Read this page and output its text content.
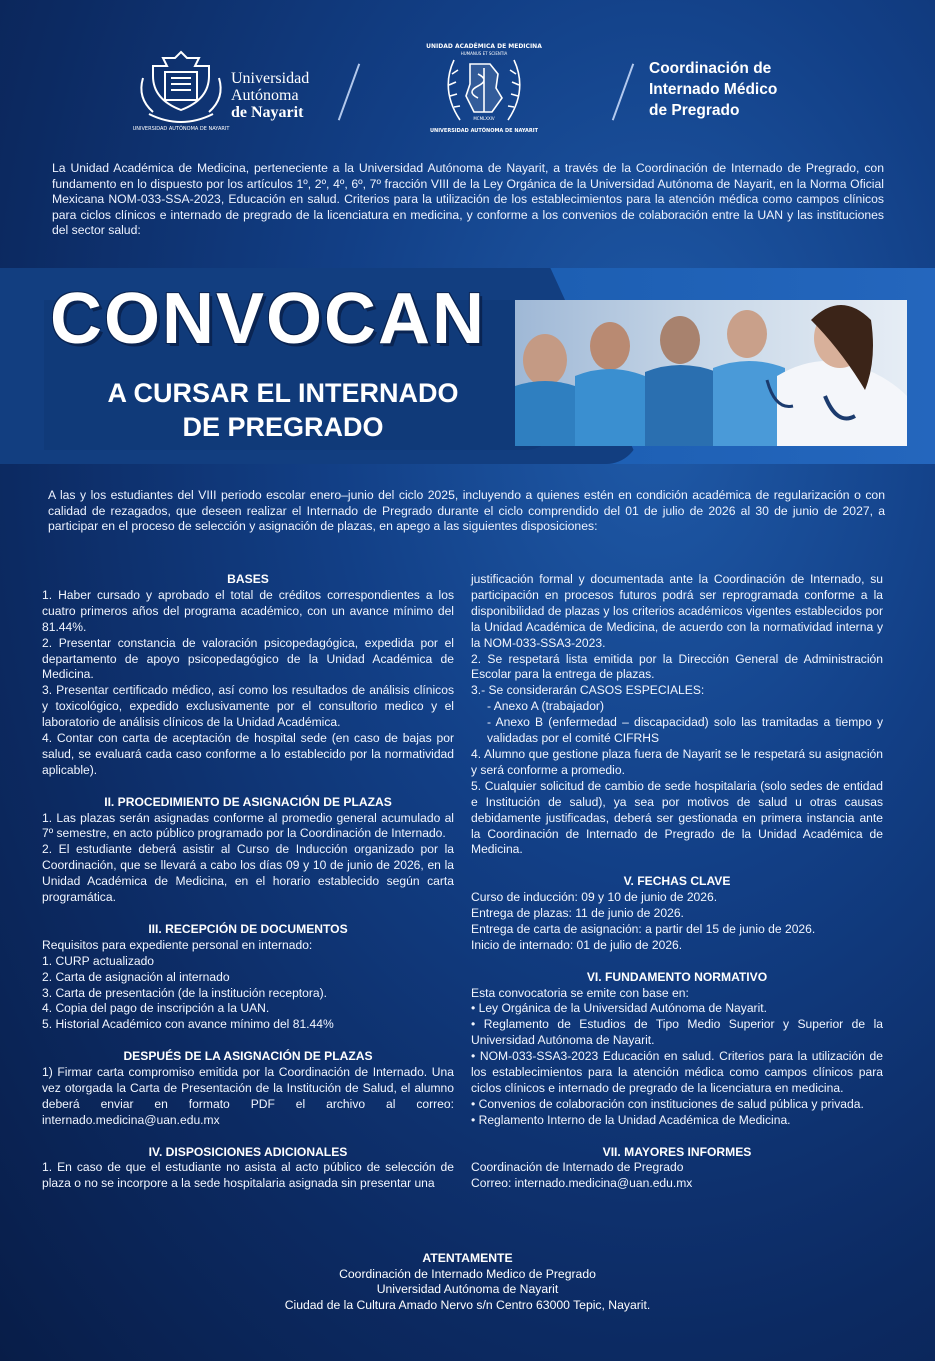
UNIVERSIDAD AUTÓNOMA DE NAYARIT
Universidad
Autónoma
de Nayarit
UNIDAD ACADÉMICA DE MEDICINA
HUMANUS ET SCIENTIA
MCMLXXIV
UNIVERSIDAD AUTÓNOMA DE NAYARIT
Coordinación de
Internado Médico
de Pregrado

La Unidad Académica de Medicina, perteneciente a la Universidad Autónoma de Nayarit, a través de la Coordinación de Internado de Pregrado, con fundamento en lo dispuesto por los artículos 1º, 2º, 4º, 6º, 7º fracción VIII de la Ley Orgánica de la Universidad Autónoma de Nayarit, en la Norma Oficial Mexicana NOM-033-SSA-2023, Educación en salud. Criterios para la utilización de los establecimientos para la atención médica como campos clínicos para ciclos clínicos e internado de pregrado de la licenciatura en medicina, y conforme a los convenios de colaboración entre la UAN y las instituciones del sector salud:

CONVOCAN
A CURSAR EL INTERNADO
DE PREGRADO

A las y los estudiantes del VIII periodo escolar enero–junio del ciclo 2025, incluyendo a quienes estén en condición académica de regularización o con calidad de rezagados, que deseen realizar el Internado de Pregrado durante el ciclo comprendido del 01 de julio de 2026 al 30 de junio de 2027, a participar en el proceso de selección y asignación de plazas, en apego a las siguientes disposiciones:

BASES

1. Haber cursado y aprobado el total de créditos correspondientes a los cuatro primeros años del programa académico, con un avance mínimo del 81.44%.

2. Presentar constancia de valoración psicopedagógica, expedida por el departamento de apoyo psicopedagógico de la Unidad Académica de Medicina.

3. Presentar certificado médico, así como los resultados de análisis clínicos y toxicológico, expedido exclusivamente por el consultorio medico y el laboratorio de análisis clínicos de la Unidad Académica.

4. Contar con carta de aceptación de hospital sede (en caso de bajas por salud, se evaluará cada caso conforme a lo establecido por la normatividad aplicable).

II. PROCEDIMIENTO DE ASIGNACIÓN DE PLAZAS

1. Las plazas serán asignadas conforme al promedio general acumulado al 7º semestre, en acto público programado por la Coordinación de Internado.

2. El estudiante deberá asistir al Curso de Inducción organizado por la Coordinación, que se llevará a cabo los días 09 y 10 de junio de 2026, en la Unidad Académica de Medicina, en el horario establecido según carta programática.

III. RECEPCIÓN DE DOCUMENTOS

Requisitos para expediente personal en internado:

1. CURP actualizado

2. Carta de asignación al internado

3. Carta de presentación (de la institución receptora).

4. Copia del pago de inscripción a la UAN.

5. Historial Académico con avance mínimo del 81.44%

DESPUÉS DE LA ASIGNACIÓN DE PLAZAS

1) Firmar carta compromiso emitida por la Coordinación de Internado. Una vez otorgada la Carta de Presentación de la Institución de Salud, el alumno deberá enviar en formato PDF el archivo al correo: internado.medicina@uan.edu.mx

IV. DISPOSICIONES ADICIONALES

1. En caso de que el estudiante no asista al acto público de selección de plaza o no se incorpore a la sede hospitalaria asignada sin presentar una

justificación formal y documentada ante la Coordinación de Internado, su participación en procesos futuros podrá ser reprogramada conforme a la disponibilidad de plazas y los criterios académicos vigentes establecidos por la Unidad Académica de Medicina, de acuerdo con la normatividad interna y la NOM-033-SSA3-2023.

2. Se respetará lista emitida por la Dirección General de Administración Escolar para la entrega de plazas.

3.- Se considerarán CASOS ESPECIALES:

- Anexo A (trabajador)

- Anexo B (enfermedad – discapacidad) solo las tramitadas a tiempo y validadas por el comité CIFRHS

4. Alumno que gestione plaza fuera de Nayarit se le respetará su asignación y será conforme a promedio.

5. Cualquier solicitud de cambio de sede hospitalaria (solo sedes de entidad e Institución de salud), ya sea por motivos de salud u otras causas debidamente justificadas, deberá ser gestionada en primera instancia ante la Coordinación de Internado de Pregrado de la Unidad Académica de Medicina.

V. FECHAS CLAVE

Curso de inducción: 09 y 10 de junio de 2026.

Entrega de plazas: 11 de junio de 2026.

Entrega de carta de asignación: a partir del 15 de junio de 2026.

Inicio de internado: 01 de julio de 2026.

VI. FUNDAMENTO NORMATIVO

Esta convocatoria se emite con base en:

• Ley Orgánica de la Universidad Autónoma de Nayarit.

• Reglamento de Estudios de Tipo Medio Superior y Superior de la Universidad Autónoma de Nayarit.

• NOM-033-SSA3-2023 Educación en salud. Criterios para la utilización de los establecimientos para la atención médica como campos clínicos para ciclos clínicos e internado de pregrado de la licenciatura en medicina.

• Convenios de colaboración con instituciones de salud pública y privada.

• Reglamento Interno de la Unidad Académica de Medicina.

VII. MAYORES INFORMES

Coordinación de Internado de Pregrado

Correo: internado.medicina@uan.edu.mx

ATENTAMENTE
Coordinación de Internado Medico de Pregrado
Universidad Autónoma de Nayarit
Ciudad de la Cultura Amado Nervo s/n Centro 63000 Tepic, Nayarit.
